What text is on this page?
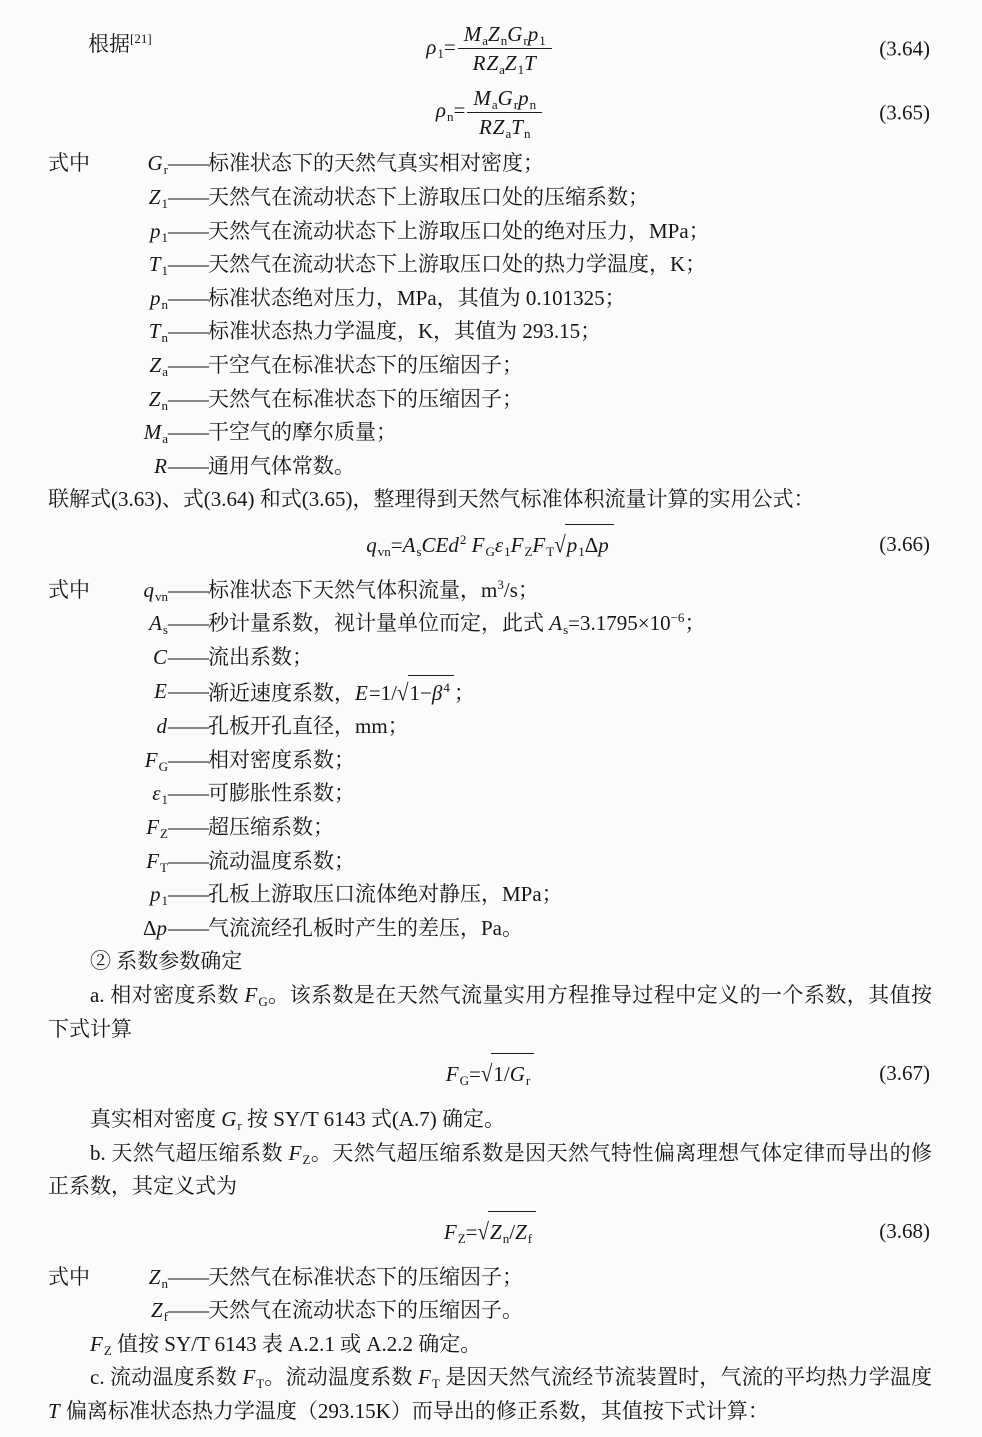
根据[21]	$\rho_1= \frac{M_aZ_nG_rp_1}{RZ_aZ_1T}$	(3.64)
$\rho_n= \frac{M_aG_rp_n}{RZ_aT_n}$	(3.65)
式中	$G_r$ —— 标准状态下的天然气真实相对密度；
$Z_1$ —— 天然气在流动状态下上游取压口处的压缩系数；
$p_1$ —— 天然气在流动状态下上游取压口处的绝对压力，MPa；
$T_1$ —— 天然气在流动状态下上游取压口处的热力学温度，K；
$p_n$ —— 标准状态绝对压力，MPa，其值为 0.101325；
$T_n$ —— 标准状态热力学温度，K，其值为 293.15；
$Z_a$ —— 干空气在标准状态下的压缩因子；
$Z_n$ —— 天然气在标准状态下的压缩因子；
$M_a$ —— 干空气的摩尔质量；
R —— 通用气体常数。

联解式(3.63)、式(3.64) 和式(3.65)，整理得到天然气标准体积流量计算的实用公式：

$q_{vn}=A_sCEd^2$ $F_G\varepsilon_1F_ZF_T√p_1\Delta p$	(3.66)
式中	$q_{vn}$ —— 标准状态下天然气体积流量，$m^3/s$；
$A_s$ —— 秒计量系数，视计量单位而定，此式 $A_s=3.1795\times 10^{-6}$；
C —— 流出系数；
E —— 渐近速度系数，$E=1/√1-\beta^4$ ；
d —— 孔板开孔直径，mm；
$F_G$ —— 相对密度系数；
$\varepsilon_1$ —— 可膨胀性系数；
$F_Z$ —— 超压缩系数；
$F_T$ —— 流动温度系数；
$p_1$ —— 孔板上游取压口流体绝对静压，MPa；
Δp —— 气流流经孔板时产生的差压，Pa。

② 系数参数确定

a. 相对密度系数 $F_G$。该系数是在天然气流量实用方程推导过程中定义的一个系数，其值按下式计算

$F_G=√1/G_r$	(3.67)

真实相对密度 $G_r$ 按 SY/T 6143 式(A.7) 确定。

b. 天然气超压缩系数 $F_Z$。天然气超压缩系数是因天然气特性偏离理想气体定律而导出的修正系数，其定义式为

$F_Z=√Z_n/Z_f$	(3.68)
式中	$Z_n$ —— 天然气在标准状态下的压缩因子；
$Z_f$ —— 天然气在流动状态下的压缩因子。

$F_Z$ 值按 SY/T 6143 表 A.2.1 或 A.2.2 确定。

c. 流动温度系数 $F_T$。流动温度系数 $F_T$ 是因天然气流经节流装置时，气流的平均热力学温度 T 偏离标准状态热力学温度（293.15K）而导出的修正系数，其值按下式计算：
